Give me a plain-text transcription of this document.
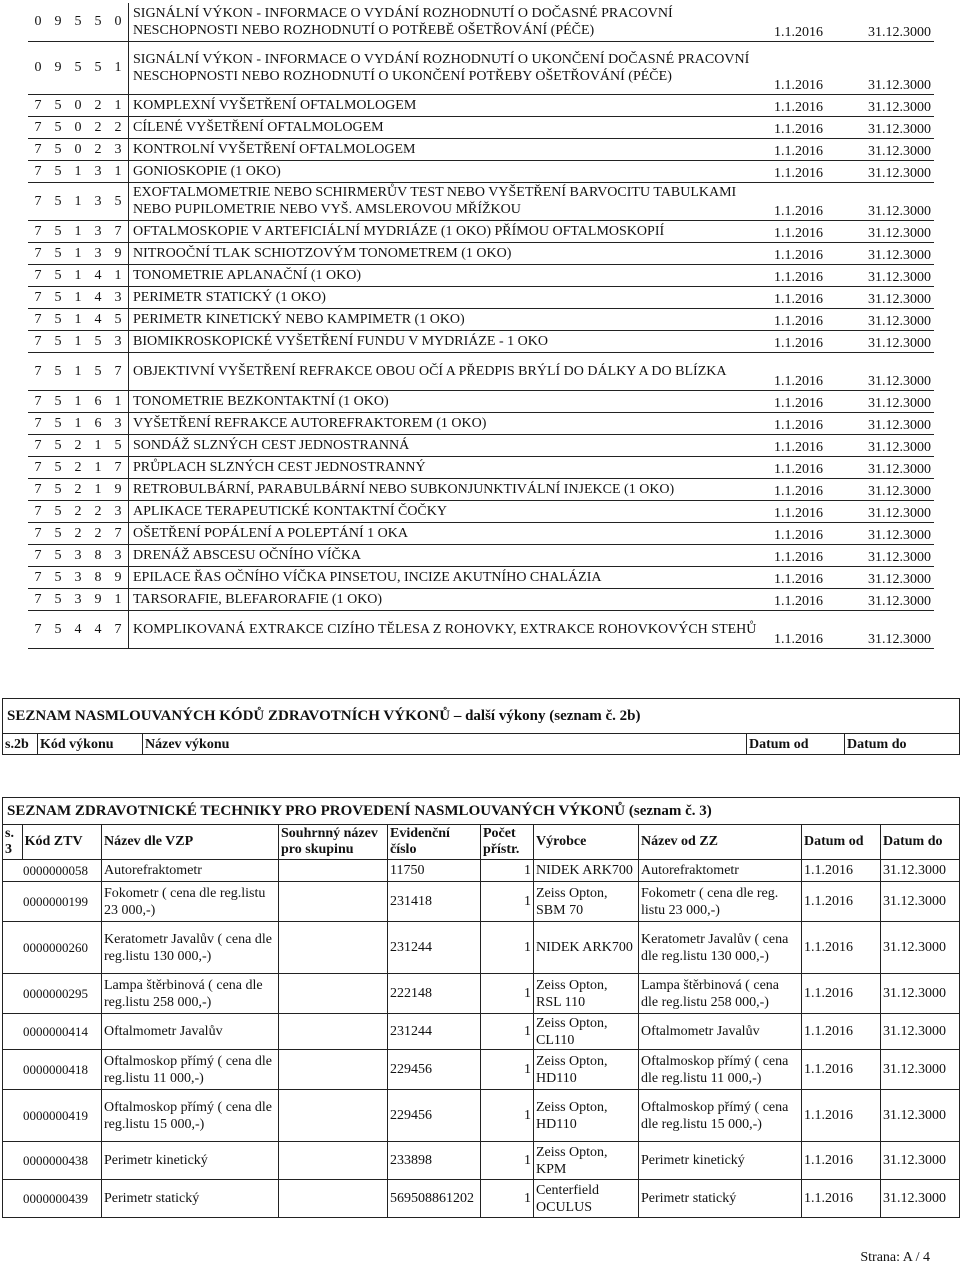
0	9	5	5	0	SIGNÁLNÍ VÝKON - INFORMACE O VYDÁNÍ ROZHODNUTÍ O DOČASNÉ PRACOVNÍ NESCHOPNOSTI NEBO ROZHODNUTÍ O POTŘEBĚ OŠETŘOVÁNÍ (PÉČE)	1.1.2016	31.12.3000
0	9	5	5	1	SIGNÁLNÍ VÝKON - INFORMACE O VYDÁNÍ ROZHODNUTÍ O UKONČENÍ DOČASNÉ PRACOVNÍ NESCHOPNOSTI NEBO ROZHODNUTÍ O UKONČENÍ POTŘEBY OŠETŘOVÁNÍ (PÉČE)	1.1.2016	31.12.3000
7	5	0	2	1	KOMPLEXNÍ VYŠETŘENÍ OFTALMOLOGEM	1.1.2016	31.12.3000
7	5	0	2	2	CÍLENÉ VYŠETŘENÍ OFTALMOLOGEM	1.1.2016	31.12.3000
7	5	0	2	3	KONTROLNÍ VYŠETŘENÍ OFTALMOLOGEM	1.1.2016	31.12.3000
7	5	1	3	1	GONIOSKOPIE (1 OKO)	1.1.2016	31.12.3000
7	5	1	3	5	EXOFTALMOMETRIE NEBO SCHIRMERŮV TEST NEBO VYŠETŘENÍ BARVOCITU TABULKAMI NEBO PUPILOMETRIE NEBO VYŠ. AMSLEROVOU MŘÍŽKOU	1.1.2016	31.12.3000
7	5	1	3	7	OFTALMOSKOPIE V ARTEFICIÁLNÍ MYDRIÁZE (1 OKO) PŘÍMOU OFTALMOSKOPIÍ	1.1.2016	31.12.3000
7	5	1	3	9	NITROOČNÍ TLAK SCHIOTZOVÝM TONOMETREM (1 OKO)	1.1.2016	31.12.3000
7	5	1	4	1	TONOMETRIE APLANAČNÍ (1 OKO)	1.1.2016	31.12.3000
7	5	1	4	3	PERIMETR STATICKÝ (1 OKO)	1.1.2016	31.12.3000
7	5	1	4	5	PERIMETR KINETICKÝ NEBO KAMPIMETR (1 OKO)	1.1.2016	31.12.3000
7	5	1	5	3	BIOMIKROSKOPICKÉ VYŠETŘENÍ FUNDU V MYDRIÁZE - 1 OKO	1.1.2016	31.12.3000
7	5	1	5	7	OBJEKTIVNÍ VYŠETŘENÍ REFRAKCE OBOU OČÍ A PŘEDPIS BRÝLÍ DO DÁLKY A DO BLÍZKA	1.1.2016	31.12.3000
7	5	1	6	1	TONOMETRIE BEZKONTAKTNÍ (1 OKO)	1.1.2016	31.12.3000
7	5	1	6	3	VYŠETŘENÍ REFRAKCE AUTOREFRAKTOREM (1 OKO)	1.1.2016	31.12.3000
7	5	2	1	5	SONDÁŽ SLZNÝCH CEST JEDNOSTRANNÁ	1.1.2016	31.12.3000
7	5	2	1	7	PRŮPLACH SLZNÝCH CEST JEDNOSTRANNÝ	1.1.2016	31.12.3000
7	5	2	1	9	RETROBULBÁRNÍ, PARABULBÁRNÍ NEBO SUBKONJUNKTIVÁLNÍ INJEKCE (1 OKO)	1.1.2016	31.12.3000
7	5	2	2	3	APLIKACE TERAPEUTICKÉ KONTAKTNÍ ČOČKY	1.1.2016	31.12.3000
7	5	2	2	7	OŠETŘENÍ POPÁLENÍ A POLEPTÁNÍ 1 OKA	1.1.2016	31.12.3000
7	5	3	8	3	DRENÁŽ ABSCESU OČNÍHO VÍČKA	1.1.2016	31.12.3000
7	5	3	8	9	EPILACE ŘAS OČNÍHO VÍČKA PINSETOU, INCIZE AKUTNÍHO CHALÁZIA	1.1.2016	31.12.3000
7	5	3	9	1	TARSORAFIE, BLEFARORAFIE (1 OKO)	1.1.2016	31.12.3000
7	5	4	4	7	KOMPLIKOVANÁ EXTRAKCE CIZÍHO TĚLESA Z ROHOVKY, EXTRAKCE ROHOVKOVÝCH STEHŮ	1.1.2016	31.12.3000
SEZNAM NASMLOUVANÝCH KÓDŮ ZDRAVOTNÍCH VÝKONŮ – další výkony (seznam č. 2b)
s.2b	Kód výkonu	Název výkonu	Datum od	Datum do
SEZNAM ZDRAVOTNICKÉ TECHNIKY PRO PROVEDENÍ NASMLOUVANÝCH VÝKONŮ (seznam č. 3)									
s. 3	Kód ZTV	Název dle VZP	Souhrnný název pro skupinu	Evidenční číslo	Počet přístr.	Výrobce	Název od ZZ	Datum od	Datum do
0000000058		Autorefraktometr		11750	1	NIDEK ARK700	Autorefraktometr	1.1.2016	31.12.3000
0000000199		Fokometr ( cena dle reg.listu 23 000,-)		231418	1	Zeiss Opton, SBM 70	Fokometr ( cena dle reg. listu 23 000,-)	1.1.2016	31.12.3000
0000000260		Keratometr Javalův ( cena dle reg.listu 130 000,-)		231244	1	NIDEK ARK700	Keratometr Javalův ( cena dle reg.listu 130 000,-)	1.1.2016	31.12.3000
0000000295		Lampa štěrbinová ( cena dle reg.listu 258 000,-)		222148	1	Zeiss Opton, RSL 110	Lampa štěrbinová ( cena dle reg.listu 258 000,-)	1.1.2016	31.12.3000
0000000414		Oftalmometr Javalův		231244	1	Zeiss Opton, CL110	Oftalmometr Javalův	1.1.2016	31.12.3000
0000000418		Oftalmoskop přímý ( cena dle reg.listu 11 000,-)		229456	1	Zeiss Opton, HD110	Oftalmoskop přímý ( cena dle reg.listu 11 000,-)	1.1.2016	31.12.3000
0000000419		Oftalmoskop přímý ( cena dle reg.listu 15 000,-)		229456	1	Zeiss Opton, HD110	Oftalmoskop přímý ( cena dle reg.listu 15 000,-)	1.1.2016	31.12.3000
0000000438		Perimetr kinetický		233898	1	Zeiss Opton, KPM	Perimetr kinetický	1.1.2016	31.12.3000
0000000439		Perimetr statický		569508861202	1	Centerfield OCULUS	Perimetr statický	1.1.2016	31.12.3000
Strana: A / 4
